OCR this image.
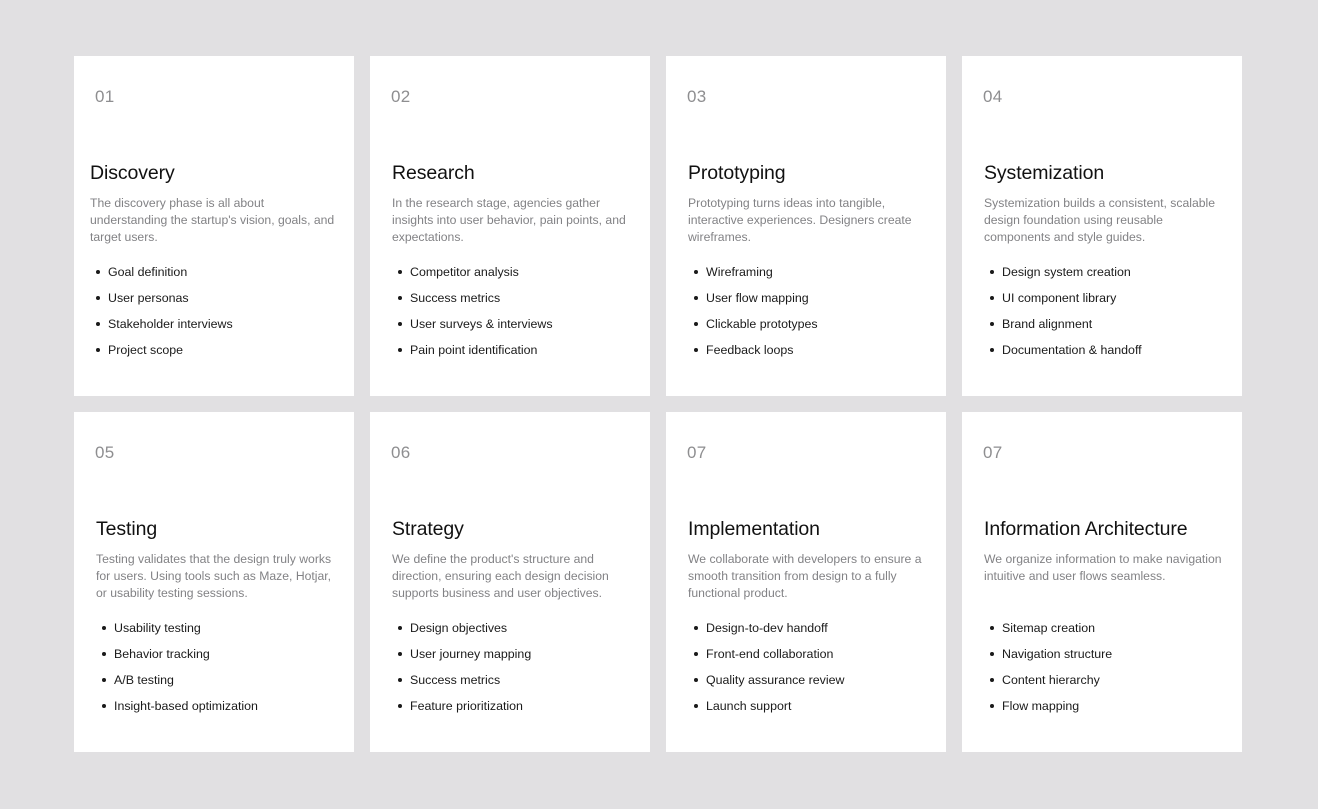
01
Discovery
The discovery phase is all about understanding the startup's vision, goals, and target users.
Goal definition
User personas
Stakeholder interviews
Project scope
02
Research
In the research stage, agencies gather insights into user behavior, pain points, and expectations.
Competitor analysis
Success metrics
User surveys & interviews
Pain point identification
03
Prototyping
Prototyping turns ideas into tangible, interactive experiences. Designers create wireframes.
Wireframing
User flow mapping
Clickable prototypes
Feedback loops
04
Systemization
Systemization builds a consistent, scalable design foundation using reusable components and style guides.
Design system creation
UI component library
Brand alignment
Documentation & handoff
05
Testing
Testing validates that the design truly works for users. Using tools such as Maze, Hotjar, or usability testing sessions.
Usability testing
Behavior tracking
A/B testing
Insight-based optimization
06
Strategy
We define the product's structure and direction, ensuring each design decision supports business and user objectives.
Design objectives
User journey mapping
Success metrics
Feature prioritization
07
Implementation
We collaborate with developers to ensure a smooth transition from design to a fully functional product.
Design-to-dev handoff
Front-end collaboration
Quality assurance review
Launch support
07
Information Architecture
We organize information to make navigation intuitive and user flows seamless.
Sitemap creation
Navigation structure
Content hierarchy
Flow mapping
